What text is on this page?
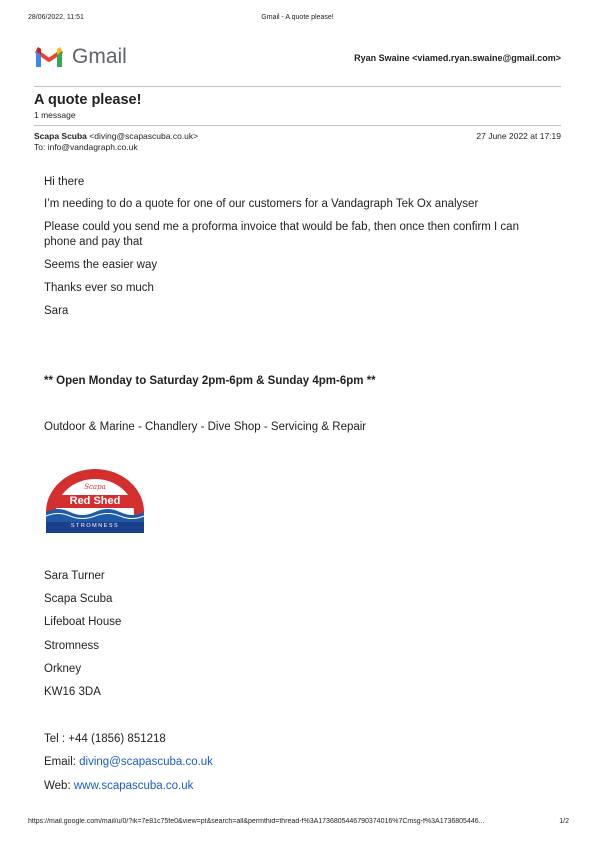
28/06/2022, 11:51	Gmail - A quote please!
Gmail	Ryan Swaine <viamed.ryan.swaine@gmail.com>
A quote please!
1 message
Scapa Scuba <diving@scapascuba.co.uk>	27 June 2022 at 17:19
To: info@vandagraph.co.uk
Hi there
I’m needing to do a quote for one of our customers for a Vandagraph Tek Ox analyser
Please could you send me a proforma invoice that would be fab, then once then confirm I can
phone and pay that
Seems the easier way
Thanks ever so much
Sara
** Open Monday to Saturday 2pm-6pm & Sunday 4pm-6pm **
Outdoor & Marine - Chandlery - Dive Shop - Servicing & Repair
Scapa
Red Shed
STROMNESS
Sara Turner
Scapa Scuba
Lifeboat House
Stromness
Orkney
KW16 3DA
Tel : +44 (1856) 851218
Email: diving@scapascuba.co.uk
Web: www.scapascuba.co.uk
https://mail.google.com/mail/u/0/?ik=7e81c75fe0&view=pt&search=all&permthid=thread-f%3A1736805446790374016%7Cmsg-f%3A1736805446...	1/2
